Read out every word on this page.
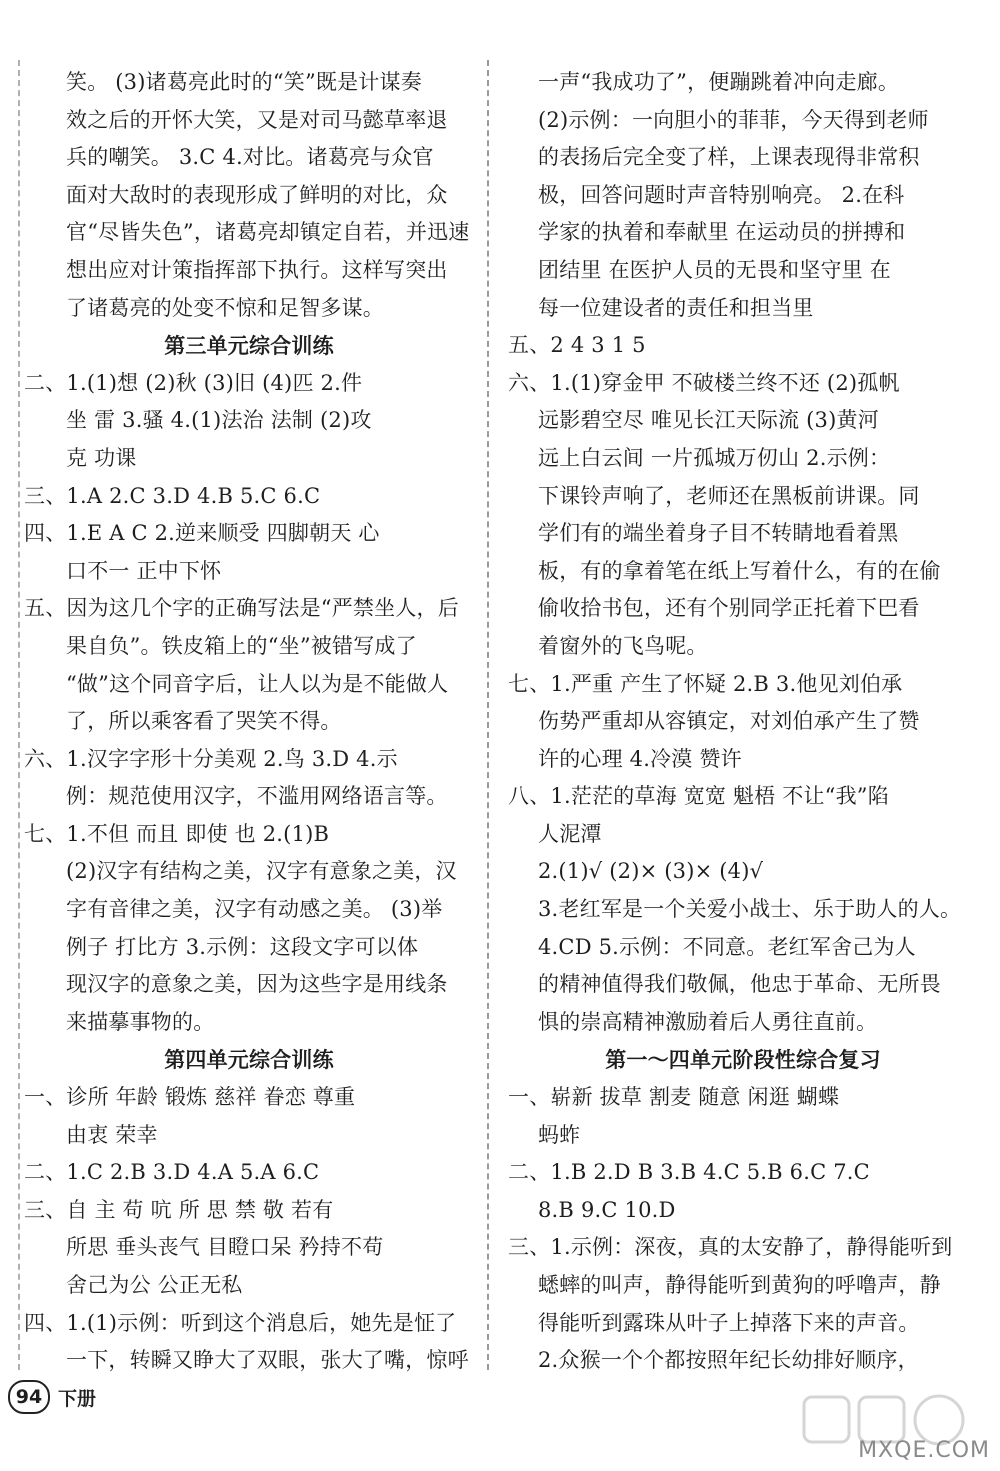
笑。 (3)诸葛亮此时的“笑”既是计谋奏
效之后的开怀大笑，又是对司马懿草率退
兵的嘲笑。 3.C 4.对比。诸葛亮与众官
面对大敌时的表现形成了鲜明的对比，众
官“尽皆失色”，诸葛亮却镇定自若，并迅速
想出应对计策指挥部下执行。这样写突出
了诸葛亮的处变不惊和足智多谋。
第三单元综合训练
二、1.(1)想 (2)秋 (3)旧 (4)匹 2.件
坐 雷 3.骚 4.(1)法治 法制 (2)攻
克 功课
三、1.A 2.C 3.D 4.B 5.C 6.C
四、1.E A C 2.逆来顺受 四脚朝天 心
口不一 正中下怀
五、因为这几个字的正确写法是“严禁坐人，后
果自负”。铁皮箱上的“坐”被错写成了
“做”这个同音字后，让人以为是不能做人
了，所以乘客看了哭笑不得。
六、1.汉字字形十分美观 2.鸟 3.D 4.示
例：规范使用汉字，不滥用网络语言等。
七、1.不但 而且 即使 也 2.(1)B
(2)汉字有结构之美，汉字有意象之美，汉
字有音律之美，汉字有动感之美。 (3)举
例子 打比方 3.示例：这段文字可以体
现汉字的意象之美，因为这些字是用线条
来描摹事物的。
第四单元综合训练
一、诊所 年龄 锻炼 慈祥 眷恋 尊重
由衷 荣幸
二、1.C 2.B 3.D 4.A 5.A 6.C
三、自 主 苟 吭 所 思 禁 敬 若有
所思 垂头丧气 目瞪口呆 矜持不苟
舍己为公 公正无私
四、1.(1)示例：听到这个消息后，她先是怔了
一下，转瞬又睁大了双眼，张大了嘴，惊呼
一声“我成功了”，便蹦跳着冲向走廊。
(2)示例：一向胆小的菲菲，今天得到老师
的表扬后完全变了样，上课表现得非常积
极，回答问题时声音特别响亮。 2.在科
学家的执着和奉献里 在运动员的拼搏和
团结里 在医护人员的无畏和坚守里 在
每一位建设者的责任和担当里
五、2 4 3 1 5
六、1.(1)穿金甲 不破楼兰终不还 (2)孤帆
远影碧空尽 唯见长江天际流 (3)黄河
远上白云间 一片孤城万仞山 2.示例：
下课铃声响了，老师还在黑板前讲课。同
学们有的端坐着身子目不转睛地看着黑
板，有的拿着笔在纸上写着什么，有的在偷
偷收拾书包，还有个别同学正托着下巴看
着窗外的飞鸟呢。
七、1.严重 产生了怀疑 2.B 3.他见刘伯承
伤势严重却从容镇定，对刘伯承产生了赞
许的心理 4.冷漠 赞许
八、1.茫茫的草海 宽宽 魁梧 不让“我”陷
人泥潭
2.(1)√ (2)× (3)× (4)√
3.老红军是一个关爱小战士、乐于助人的人。
4.CD 5.示例：不同意。老红军舍己为人
的精神值得我们敬佩，他忠于革命、无所畏
惧的崇高精神激励着后人勇往直前。
第一～四单元阶段性综合复习
一、崭新 拔草 割麦 随意 闲逛 蝴蝶
蚂蚱
二、1.B 2.D B 3.B 4.C 5.B 6.C 7.C
8.B 9.C 10.D
三、1.示例：深夜，真的太安静了，静得能听到
蟋蟀的叫声，静得能听到黄狗的呼噜声，静
得能听到露珠从叶子上掉落下来的声音。
2.众猴一个个都按照年纪长幼排好顺序，
94 下册
MXQE.COM
